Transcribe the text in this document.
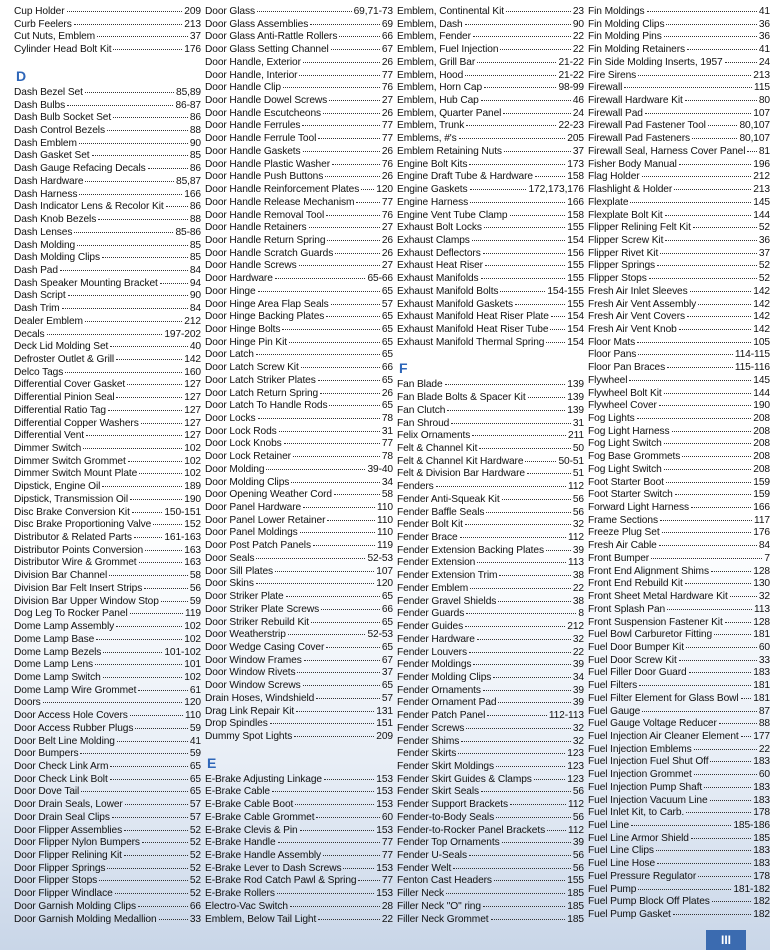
Cup Holder	209
Curb Feelers	213
Cut Nuts, Emblem	37
Cylinder Head Bolt Kit	176
D
Dash Bezel Set	85,89
Dash Bulbs	86-87
Dash Bulb Socket Set	86
Dash Control Bezels	88
Dash Emblem	90
Dash Gasket Set	85
Dash Gauge Refacing Decals	86
Dash Hardware	85,87
Dash Harness	166
Dash Indicator Lens & Recolor Kit	86
Dash Knob Bezels	88
Dash Lenses	85-86
Dash Molding	85
Dash Molding Clips	85
Dash Pad	84
Dash Speaker Mounting Bracket	94
Dash Script	90
Dash Trim	84
Dealer Emblem	212
Decals	197-202
Deck Lid Molding Set	40
Defroster Outlet & Grill	142
Delco Tags	160
Differential Cover Gasket	127
Differential Pinion Seal	127
Differential Ratio Tag	127
Differential Copper Washers	127
Differential Vent	127
Dimmer Switch	102
Dimmer Switch Grommet	102
Dimmer Switch Mount Plate	102
Dipstick, Engine Oil	189
Dipstick, Transmission Oil	190
Disc Brake Conversion Kit	150-151
Disc Brake Proportioning Valve	152
Distributor & Related Parts	161-163
Distributor Points Conversion	163
Distributor Wire & Grommet	163
Division Bar Channel	58
Division Bar Felt Insert Strips	56
Division Bar Upper Window Stop	59
Dog Leg To Rocker Panel	119
Dome Lamp Assembly	102
Dome Lamp Base	102
Dome Lamp Bezels	101-102
Dome Lamp Lens	101
Dome Lamp Switch	102
Dome Lamp Wire Grommet	61
Doors	120
Door Access Hole Covers	110
Door Access Rubber Plugs	59
Door Belt Line Molding	41
Door Bumpers	59
Door Check Link Arm	65
Door Check Link Bolt	65
Door Dove Tail	65
Door Drain Seals, Lower	57
Door Drain Seal Clips	57
Door Flipper Assemblies	52
Door Flipper Nylon Bumpers	52
Door Flipper Relining Kit	52
Door Flipper Springs	52
Door Flipper Stops	52
Door Flipper Windlace	52
Door Garnish Molding Clips	66
Door Garnish Molding Medallion	33
Door Glass	69,71-73
Door Glass Assemblies	69
Door Glass Anti-Rattle Rollers	66
Door Glass Setting Channel	67
Door Handle, Exterior	26
Door Handle, Interior	77
Door Handle Clip	76
Door Handle Dowel Screws	27
Door Handle Escutcheons	26
Door Handle Ferrules	77
Door Handle Ferrule Tool	77
Door Handle Gaskets	26
Door Handle Plastic Washer	76
Door Handle Push Buttons	26
Door Handle Reinforcement Plates 120
Door Handle Release Mechanism	77
Door Handle Removal Tool	76
Door Handle Retainers	27
Door Handle Return Spring	26
Door Handle Scratch Guards	26
Door Handle Screws	27
Door Hardware	65-66
Door Hinge	65
Door Hinge Area Flap Seals	57
Door Hinge Backing Plates	65
Door Hinge Bolts	65
Door Hinge Pin Kit	65
Door Latch	65
Door Latch Screw Kit	66
Door Latch Striker Plates	65
Door Latch Return Spring	26
Door Latch To Handle Rods	65
Door Locks	78
Door Lock Rods	31
Door Lock Knobs	77
Door Lock Retainer	78
Door Molding	39-40
Door Molding Clips	34
Door Opening Weather Cord	58
Door Panel Hardware	110
Door Panel Lower Retainer	110
Door Panel Moldings	110
Door Post Patch Panels	119
Door Seals	52-53
Door Sill Plates	107
Door Skins	120
Door Striker Plate	65
Door Striker Plate Screws	66
Door Striker Rebuild Kit	65
Door Weatherstrip	52-53
Door Wedge Casing Cover	65
Door Window Frames	67
Door Window Rivets	37
Door Window Screws	65
Drain Hoses, Windshield	57
Drag Link Repair Kit	131
Drop Spindles	151
Dummy Spot Lights	209
E
E-Brake Adjusting Linkage	153
E-Brake Cable	153
E-Brake Cable Boot	153
E-Brake Cable Grommet	60
E-Brake Clevis & Pin	153
E-Brake Handle	77
E-Brake Handle Assembly	77
E-Brake Lever to Dash Screws	153
E-Brake Rod Catch Pawl & Spring 77
E-Brake Rollers	153
Electro-Vac Switch	28
Emblem, Below Tail Light	22
Emblem, Continental Kit	23
Emblem, Dash	90
Emblem, Fender	22
Emblem, Fuel Injection	22
Emblem, Grill Bar	21-22
Emblem, Hood	21-22
Emblem, Horn Cap	98-99
Emblem, Hub Cap	46
Emblem, Quarter Panel	24
Emblem, Trunk	22-23
Emblems, #'s	205
Emblem Retaining Nuts	37
Engine Bolt Kits	173
Engine Draft Tube & Hardware	158
Engine Gaskets	172,173,176
Engine Harness	166
Engine Vent Tube Clamp	158
Exhaust Bolt Locks	155
Exhaust Clamps	154
Exhaust Deflectors	156
Exhaust Heat Riser	155
Exhaust Manifolds	155
Exhaust Manifold Bolts	154-155
Exhaust Manifold Gaskets	155
Exhaust Manifold Heat Riser Plate 154
Exhaust Manifold Heat Riser Tube 154
Exhaust Manifold Thermal Spring 154
F
Fan Blade	139
Fan Blade Bolts & Spacer Kit	139
Fan Clutch	139
Fan Shroud	31
Felix Ornaments	211
Felt & Channel Kit	50
Felt & Channel Kit Hardware	50-51
Felt & Division Bar Hardware	51
Fenders	112
Fender Anti-Squeak Kit	56
Fender Baffle Seals	56
Fender Bolt Kit	32
Fender Brace	112
Fender Extension Backing Plates	39
Fender Extension	113
Fender Extension Trim	38
Fender Emblem	22
Fender Gravel Shields	38
Fender Guards	8
Fender Guides	212
Fender Hardware	32
Fender Louvers	22
Fender Moldings	39
Fender Molding Clips	34
Fender Ornaments	39
Fender Ornament Pad	39
Fender Patch Panel	112-113
Fender Screws	32
Fender Shims	32
Fender Skirts	123
Fender Skirt Moldings	123
Fender Skirt Guides & Clamps	123
Fender Skirt Seals	56
Fender Support Brackets	112
Fender-to-Body Seals	56
Fender-to-Rocker Panel Brackets 112
Fender Top Ornaments	39
Fender U-Seals	56
Fender Welt	56
Fenton Cast Headers	155
Filler Neck	185
Filler Neck "O" ring	185
Filler Neck Grommet	185
Fin Moldings	41
Fin Molding Clips	36
Fin Molding Pins	36
Fin Molding Retainers	41
Fin Side Molding Inserts, 1957	24
Fire Sirens	213
Firewall	115
Firewall Hardware Kit	80
Firewall Pad	107
Firewall Pad Fastener Tool	80,107
Firewall Pad Fasteners	80,107
Firewall Seal, Harness Cover Panel 81
Fisher Body Manual	196
Flag Holder	212
Flashlight & Holder	213
Flexplate	145
Flexplate Bolt Kit	144
Flipper Relining Felt Kit	52
Flipper Screw Kit	36
Flipper Rivet Kit	37
Flipper Springs	52
Flipper Stops	52
Fresh Air Inlet Sleeves	142
Fresh Air Vent Assembly	142
Fresh Air Vent Covers	142
Fresh Air Vent Knob	142
Floor Mats	105
Floor Pans	114-115
Floor Pan Braces	115-116
Flywheel	145
Flywheel Bolt Kit	144
Flywheel Cover	190
Fog Lights	208
Fog Light Harness	208
Fog Light Switch	208
Fog Base Grommets	208
Fog Light Switch	208
Foot Starter Boot	159
Foot Starter Switch	159
Forward Light Harness	166
Frame Sections	117
Freeze Plug Set	176
Fresh Air Cable	84
Front Bumper	7
Front End Alignment Shims	128
Front End Rebuild Kit	130
Front Sheet Metal Hardware Kit	32
Front Splash Pan	113
Front Suspension Fastener Kit	128
Fuel Bowl Carburetor Fitting	181
Fuel Door Bumper Kit	60
Fuel Door Screw Kit	33
Fuel Filler Door Guard	183
Fuel Filters	181
Fuel Filter Element for Glass Bowl 181
Fuel Gauge	87
Fuel Gauge Voltage Reducer	88
Fuel Injection Air Cleaner Element 177
Fuel Injection Emblems	22
Fuel Injection Fuel Shut Off	183
Fuel Injection Grommet	60
Fuel Injection Pump Shaft	183
Fuel Injection Vacuum Line	183
Fuel Inlet Kit, to Carb.	178
Fuel Line	185-186
Fuel Line Armor Shield	185
Fuel Line Clips	183
Fuel Line Hose	183
Fuel Pressure Regulator	178
Fuel Pump	181-182
Fuel Pump Block Off Plates	182
Fuel Pump Gasket	182
III
